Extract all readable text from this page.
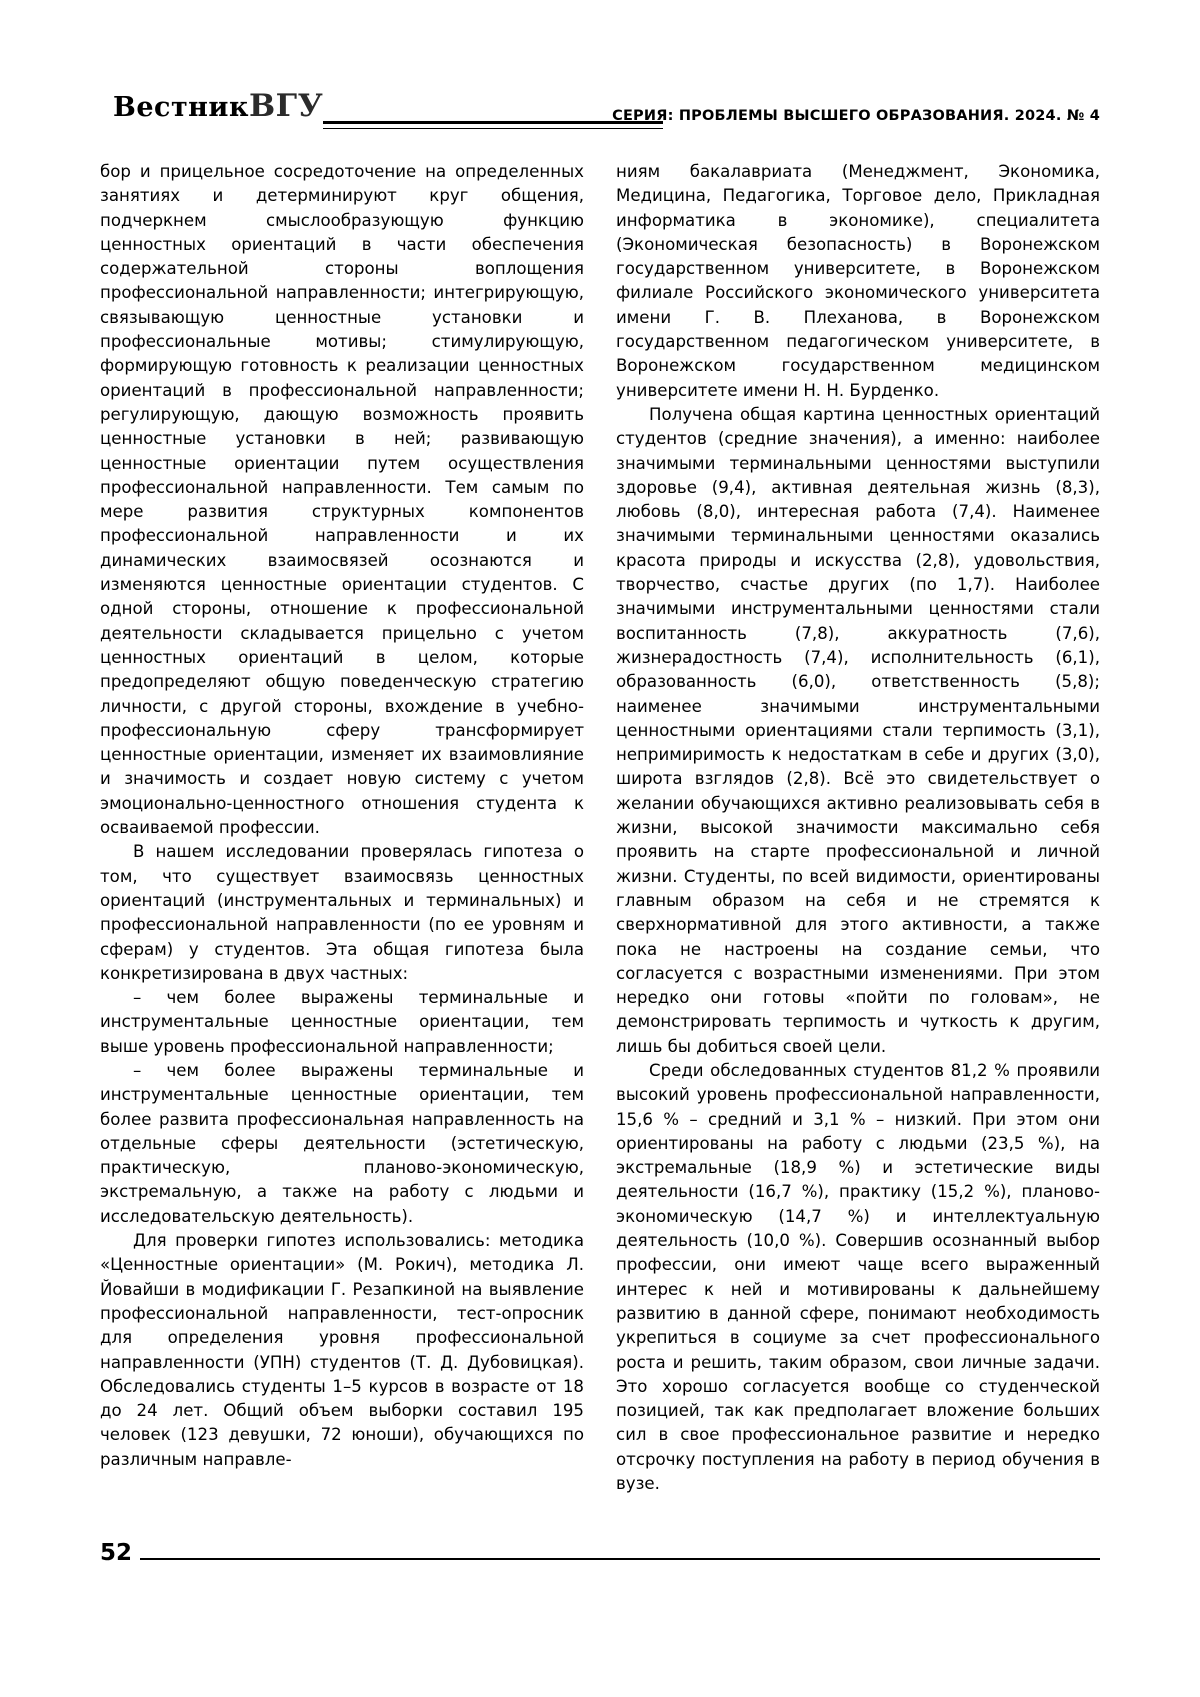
ВестникВГУ	СЕРИЯ: ПРОБЛЕМЫ ВЫСШЕГО ОБРАЗОВАНИЯ. 2024. № 4

бор и прицельное сосредоточение на определенных занятиях и детерминируют круг общения, подчеркнем смыслообразующую функцию ценностных ориентаций в части обеспечения содержательной стороны воплощения профессиональной направленности; интегрирующую, связывающую ценностные установки и профессиональные мотивы; стимулирующую, формирующую готовность к реализации ценностных ориентаций в профессиональной направленности; регулирующую, дающую возможность проявить ценностные установки в ней; развивающую ценностные ориентации путем осуществления профессиональной направленности. Тем самым по мере развития структурных компонентов профессиональной направленности и их динамических взаимосвязей осознаются и изменяются ценностные ориентации студентов. С одной стороны, отношение к профессиональной деятельности складывается прицельно с учетом ценностных ориентаций в целом, которые предопределяют общую поведенческую стратегию личности, с другой стороны, вхождение в учебно-профессиональную сферу трансформирует ценностные ориентации, изменяет их взаимовлияние и значимость и создает новую систему с учетом эмоционально-ценностного отношения студента к осваиваемой профессии.

В нашем исследовании проверялась гипотеза о том, что существует взаимосвязь ценностных ориентаций (инструментальных и терминальных) и профессиональной направленности (по ее уровням и сферам) у студентов. Эта общая гипотеза была конкретизирована в двух частных:

– чем более выражены терминальные и инструментальные ценностные ориентации, тем выше уровень профессиональной направленности;

– чем более выражены терминальные и инструментальные ценностные ориентации, тем более развита профессиональная направленность на отдельные сферы деятельности (эстетическую, практическую, планово-экономическую, экстремальную, а также на работу с людьми и исследовательскую деятельность).

Для проверки гипотез использовались: методика «Ценностные ориентации» (М. Рокич), методика Л. Йовайши в модификации Г. Резапкиной на выявление профессиональной направленности, тест-опросник для определения уровня профессиональной направленности (УПН) студентов (Т. Д. Дубовицкая). Обследовались студенты 1–5 курсов в возрасте от 18 до 24 лет. Общий объем выборки составил 195 человек (123 девушки, 72 юноши), обучающихся по различным направле-

ниям бакалавриата (Менеджмент, Экономика, Медицина, Педагогика, Торговое дело, Прикладная информатика в экономике), специалитета (Экономическая безопасность) в Воронежском государственном университете, в Воронежском филиале Российского экономического университета имени Г. В. Плеханова, в Воронежском государственном педагогическом университете, в Воронежском государственном медицинском университете имени Н. Н. Бурденко.

Получена общая картина ценностных ориентаций студентов (средние значения), а именно: наиболее значимыми терминальными ценностями выступили здоровье (9,4), активная деятельная жизнь (8,3), любовь (8,0), интересная работа (7,4). Наименее значимыми терминальными ценностями оказались красота природы и искусства (2,8), удовольствия, творчество, счастье других (по 1,7). Наиболее значимыми инструментальными ценностями стали воспитанность (7,8), аккуратность (7,6), жизнерадостность (7,4), исполнительность (6,1), образованность (6,0), ответственность (5,8); наименее значимыми инструментальными ценностными ориентациями стали терпимость (3,1), непримиримость к недостаткам в себе и других (3,0), широта взглядов (2,8). Всё это свидетельствует о желании обучающихся активно реализовывать себя в жизни, высокой значимости максимально себя проявить на старте профессиональной и личной жизни. Студенты, по всей видимости, ориентированы главным образом на себя и не стремятся к сверхнормативной для этого активности, а также пока не настроены на создание семьи, что согласуется с возрастными изменениями. При этом нередко они готовы «пойти по головам», не демонстрировать терпимость и чуткость к другим, лишь бы добиться своей цели.

Среди обследованных студентов 81,2 % проявили высокий уровень профессиональной направленности, 15,6 % – средний и 3,1 % – низкий. При этом они ориентированы на работу с людьми (23,5 %), на экстремальные (18,9 %) и эстетические виды деятельности (16,7 %), практику (15,2 %), планово-экономическую (14,7 %) и интеллектуальную деятельность (10,0 %). Совершив осознанный выбор профессии, они имеют чаще всего выраженный интерес к ней и мотивированы к дальнейшему развитию в данной сфере, понимают необходимость укрепиться в социуме за счет профессионального роста и решить, таким образом, свои личные задачи. Это хорошо согласуется вообще со студенческой позицией, так как предполагает вложение больших сил в свое профессиональное развитие и нередко отсрочку поступления на работу в период обучения в вузе.

52
